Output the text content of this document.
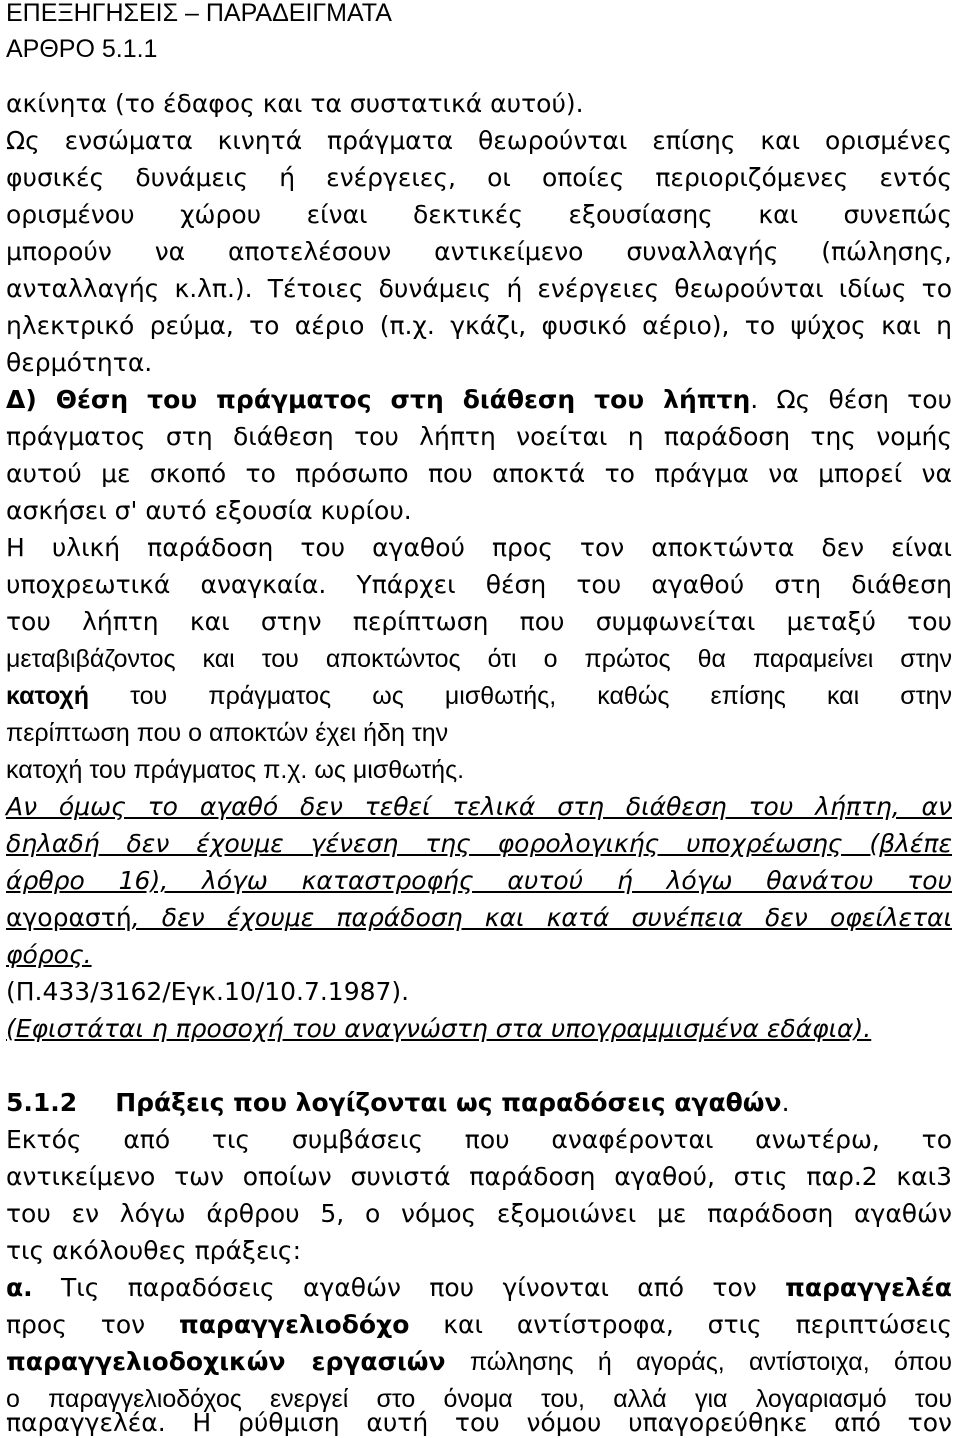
ΕΠΕΞΗΓΗΣΕΙΣ – ΠΑΡΑΔΕΙΓΜΑΤΑ
ΑΡΘΡΟ 5.1.1
ακίνητα (το έδαφος και τα συστατικά αυτού).
Ως ενσώματα κινητά πράγματα θεωρούνται επίσης και ορισμένες
φυσικές δυνάμεις ή ενέργειες, οι οποίες περιοριζόμενες εντός
ορισμένου χώρου είναι δεκτικές εξουσίασης και συνεπώς
μπορούν να αποτελέσουν αντικείμενο συναλλαγής (πώλησης,
ανταλλαγής κ.λπ.). Τέτοιες δυνάμεις ή ενέργειες θεωρούνται ιδίως το
ηλεκτρικό ρεύμα, το αέριο (π.χ. γκάζι, φυσικό αέριο), το ψύχος και η
θερμότητα.
Δ) Θέση του πράγματος στη διάθεση του λήπτη. Ως θέση του
πράγματος στη διάθεση του λήπτη νοείται η παράδοση της νομής
αυτού με σκοπό το πρόσωπο που αποκτά το πράγμα να μπορεί να
ασκήσει σ' αυτό εξουσία κυρίου.
Η υλική παράδοση του αγαθού προς τον αποκτώντα δεν είναι
υποχρεωτικά αναγκαία. Υπάρχει θέση του αγαθού στη διάθεση
του λήπτη και στην περίπτωση που συμφωνείται μεταξύ του
μεταβιβάζοντος και του αποκτώντος ότι ο πρώτος θα παραμείνει στην
κατοχή του πράγματος ως μισθωτής, καθώς επίσης και στην
περίπτωση που ο αποκτών έχει ήδη την
κατοχή του πράγματος π.χ. ως μισθωτής.
Αν όμως το αγαθό δεν τεθεί τελικά στη διάθεση του λήπτη, αν
δηλαδή δεν έχουμε γένεση της φορολογικής υποχρέωσης (βλέπε
άρθρο 16), λόγω καταστροφής αυτού ή λόγω θανάτου του
αγοραστή, δεν έχουμε παράδοση και κατά συνέπεια δεν οφείλεται
φόρος.
(Π.433/3162/Εγκ.10/10.7.1987).
(Εφιστάται η προσοχή του αναγνώστη στα υπογραμμισμένα εδάφια).
5.1.2 Πράξεις που λογίζονται ως παραδόσεις αγαθών.
Εκτός από τις συμβάσεις που αναφέρονται ανωτέρω, το
αντικείμενο των οποίων συνιστά παράδοση αγαθού, στις παρ.2 και3
του εν λόγω άρθρου 5, ο νόμος εξομοιώνει με παράδοση αγαθών
τις ακόλουθες πράξεις:
α. Τις παραδόσεις αγαθών που γίνονται από τον παραγγελέα
προς τον παραγγελιοδόχο και αντίστροφα, στις περιπτώσεις
παραγγελιοδοχικών εργασιών πώλησης ή αγοράς, αντίστοιχα, όπου
ο παραγγελιοδόχος ενεργεί στο όνομα του, αλλά για λογαριασμό του
παραγγελέα. Η ρύθμιση αυτή του νόμου υπαγορεύθηκε από τον
